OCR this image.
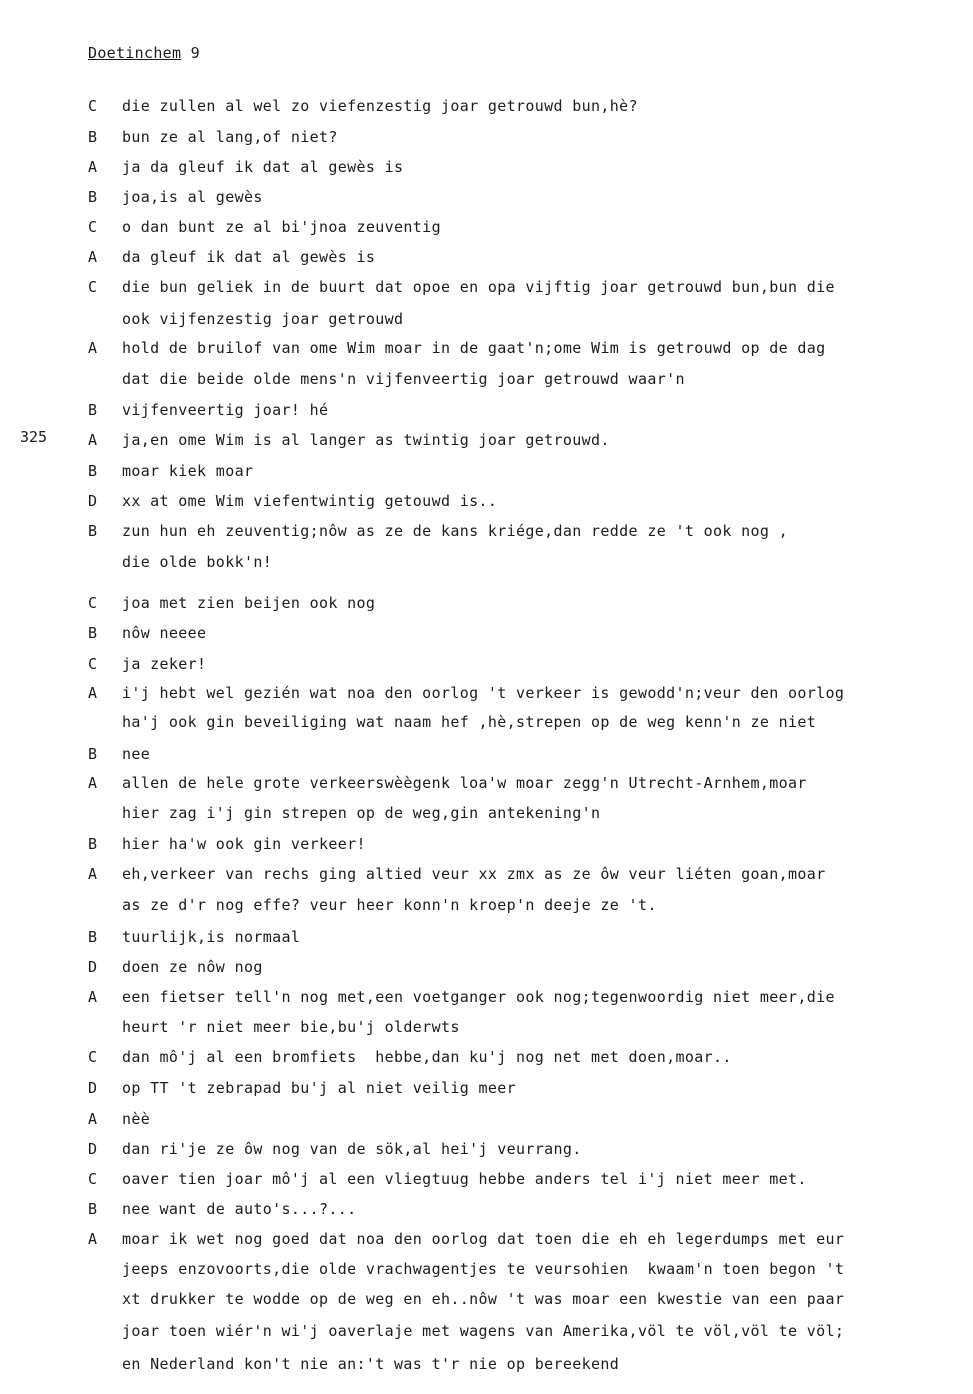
Doetinchem 9
325
C die zullen al wel zo viefenzestig joar getrouwd bun,hè?
B bun ze al lang,of niet?
A ja da gleuf ik dat al gewès is
B joa,is al gewès
C o dan bunt ze al bi'jnoa zeuventig
A da gleuf ik dat al gewès is
C die bun geliek in de buurt dat opoe en opa vijftig joar getrouwd bun,bun die
ook vijfenzestig joar getrouwd
A hold de bruilof van ome Wim moar in de gaat'n;ome Wim is getrouwd op de dag
dat die beide olde mens'n vijfenveertig joar getrouwd waar'n
B vijfenveertig joar! hé
A ja,en ome Wim is al langer as twintig joar getrouwd.
B moar kiek moar
D xx at ome Wim viefentwintig getouwd is..
B zun hun eh zeuventig;nôw as ze de kans kriége,dan redde ze 't ook nog ,
die olde bokk'n!
C joa met zien beijen ook nog
B nôw neeee
C ja zeker!
A i'j hebt wel gezién wat noa den oorlog 't verkeer is gewodd'n;veur den oorlog
ha'j ook gin beveiliging wat naam hef ,hè,strepen op de weg kenn'n ze niet
B nee
A allen de hele grote verkeerswèègenk loa'w moar zegg'n Utrecht-Arnhem,moar
hier zag i'j gin strepen op de weg,gin antekening'n
B hier ha'w ook gin verkeer!
A eh,verkeer van rechs ging altied veur xx zmx as ze ôw veur liéten goan,moar
as ze d'r nog effe? veur heer konn'n kroep'n deeje ze 't.
B tuurlijk,is normaal
D doen ze nôw nog
A een fietser tell'n nog met,een voetganger ook nog;tegenwoordig niet meer,die
heurt 'r niet meer bie,bu'j olderwts
C dan mô'j al een bromfiets  hebbe,dan ku'j nog net met doen,moar..
D op TT 't zebrapad bu'j al niet veilig meer
A nèè
D dan ri'je ze ôw nog van de sök,al hei'j veurrang.
C oaver tien joar mô'j al een vliegtuug hebbe anders tel i'j niet meer met.
B nee want de auto's...?...
A moar ik wet nog goed dat noa den oorlog dat toen die eh eh legerdumps met eur
jeeps enzovoorts,die olde vrachwagentjes te veursohien  kwaam'n toen begon 't
xt drukker te wodde op de weg en eh..nôw 't was moar een kwestie van een paar
joar toen wiér'n wi'j oaverlaje met wagens van Amerika,völ te völ,völ te völ;
en Nederland kon't nie an:'t was t'r nie op bereekend
